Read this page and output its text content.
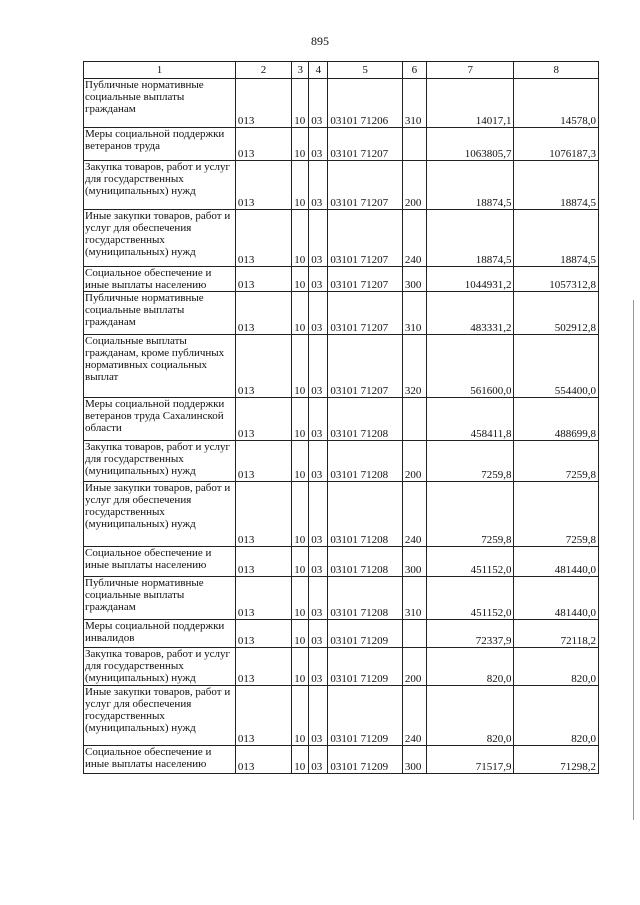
895
1	2	3	4	5	6	7	8
Публичные нормативные социальные выплаты гражданам	013	10	03	03101 71206	310	14017,1	14578,0
Меры социальной поддержки ветеранов труда	013	10	03	03101 71207		1063805,7	1076187,3
Закупка товаров, работ и услуг для государственных (муниципальных) нужд	013	10	03	03101 71207	200	18874,5	18874,5
Иные закупки товаров, работ и услуг для обеспечения государственных (муниципальных) нужд	013	10	03	03101 71207	240	18874,5	18874,5
Социальное обеспечение и иные выплаты населению	013	10	03	03101 71207	300	1044931,2	1057312,8
Публичные нормативные социальные выплаты гражданам	013	10	03	03101 71207	310	483331,2	502912,8
Социальные выплаты гражданам, кроме публичных нормативных социальных выплат	013	10	03	03101 71207	320	561600,0	554400,0
Меры социальной поддержки ветеранов труда Сахалинской области	013	10	03	03101 71208		458411,8	488699,8
Закупка товаров, работ и услуг для государственных (муниципальных) нужд	013	10	03	03101 71208	200	7259,8	7259,8
Иные закупки товаров, работ и услуг для обеспечения государственных (муниципальных) нужд	013	10	03	03101 71208	240	7259,8	7259,8
Социальное обеспечение и иные выплаты населению	013	10	03	03101 71208	300	451152,0	481440,0
Публичные нормативные социальные выплаты гражданам	013	10	03	03101 71208	310	451152,0	481440,0
Меры социальной поддержки инвалидов	013	10	03	03101 71209		72337,9	72118,2
Закупка товаров, работ и услуг для государственных (муниципальных) нужд	013	10	03	03101 71209	200	820,0	820,0
Иные закупки товаров, работ и услуг для обеспечения государственных (муниципальных) нужд	013	10	03	03101 71209	240	820,0	820,0
Социальное обеспечение и иные выплаты населению	013	10	03	03101 71209	300	71517,9	71298,2
